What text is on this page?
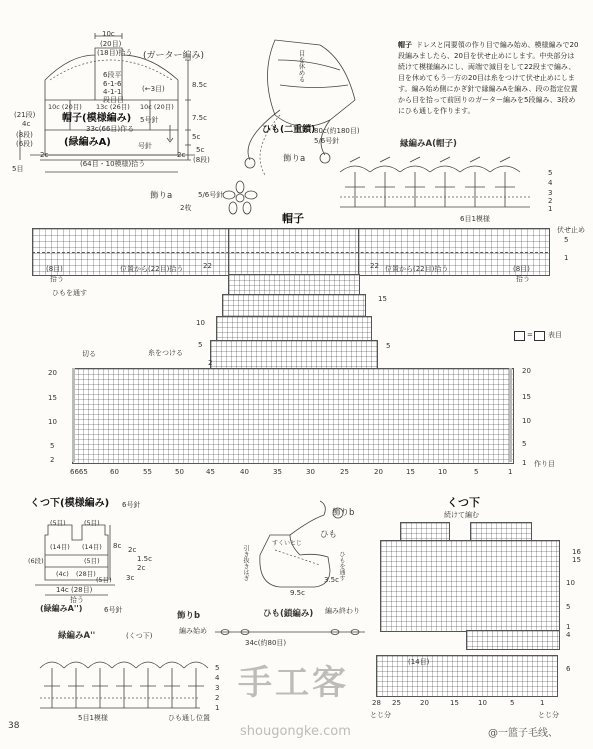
10c
(20目)
(18目)拾う (ガーター編み)
6段平
6-1-6
4-1-1
段目目
(←3目)	8.5c
7.5c
5c
5c
(8段)
(21段)
(8段)
(6段)
4c
10c (20目) 13c (26目) 10c (20目)
帽子(模様編み) 5号針
33c(66目)作る
(緑編みA)	号針
2c	2c
5目
(64目・10模様)拾う
目を休める
ひも(二重鎖)
80c(約180目)
5/6号針
飾りa
帽子 ドレスと同要領の作り目で編み始め、模様編みで20段編みましたら、20目を伏せ止めにします。中央部分は続けて模様編みにし、両端で減目をして22段まで編み、目を休めてもう一方の20目は糸をつけて伏せ止めにします。編み始め側にかぎ針で縁編みAを編み、段の指定位置から目を拾って前回りのガーター編みを5段編み、3段めにひも通しを作ります。
縁編みA(帽子)
5
4
3
2
1
6目1模様
飾りa	5/6号針
2枚
帽子
伏せ止め
5
1
(8目)
拾う
ひもを通す
位置から(22目)拾う	位置から(22目)拾う	(8目)
拾う
22	22
15
10
5	5
2
糸をつける
切る
= 表目
20
15
10
5
2
20
15
10
5
1 作り目
6665	60	55	50	45	40	35	30	25	20	15	10	5	1
くつ下(模様編み) 6号針
(5目)	(5目)
(14目) (14目)
(5目)
(6段)
(4c) (28目)
(5目)
8c 2c
1.5c
2c
3c
(緑編みA'')	6号針
14c (28目)
拾う
飾りb
ひも
すくいとじ
引き抜きはぎ	ひもを通す
9.5c
3.5c
飾りb	ひも(鎖編み)
編み始め
編み終わり
34c(約80目)
緑編みA''	(くつ下)
5
4
3
2
1
5目1模様	ひも通し位置
くつ下
続けて編む
16
15
10
5
1
4
6
(14目)
28 25	20	15	10	5	1
とじ分	とじ分
38
手工客
shougongke.com	@一篮子毛线、
